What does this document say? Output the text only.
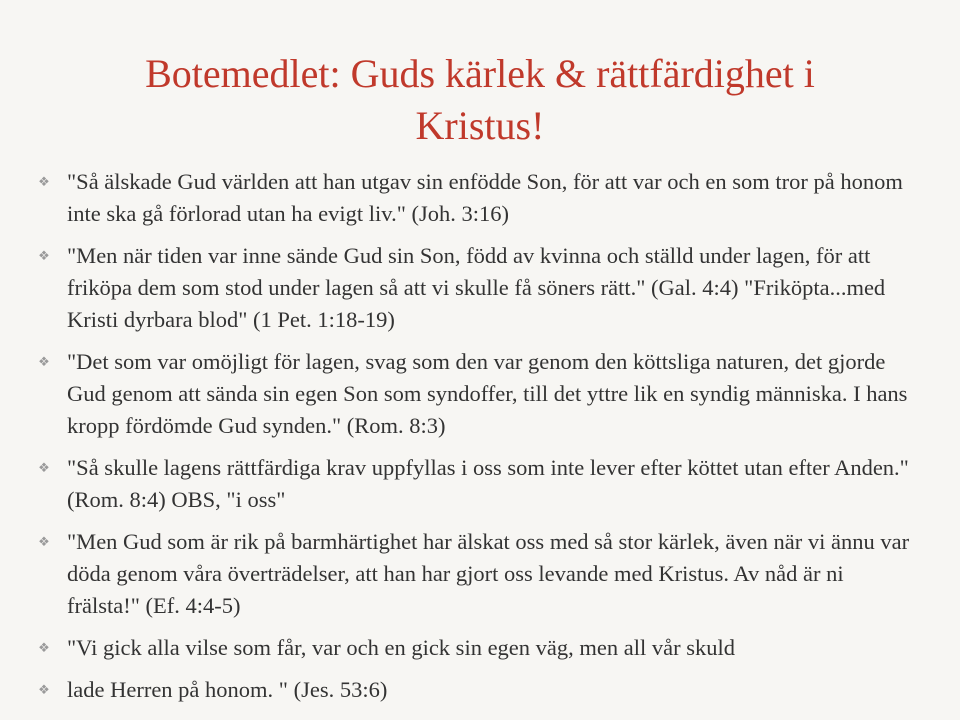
Botemedlet: Guds kärlek & rättfärdighet i Kristus!
❖ "Så älskade Gud världen att han utgav sin enfödde Son, för att var och en som tror på honom inte ska gå förlorad utan ha evigt liv." (Joh. 3:16)
❖ "Men när tiden var inne sände Gud sin Son, född av kvinna och ställd under lagen, för att friköpa dem som stod under lagen så att vi skulle få söners rätt." (Gal. 4:4) "Friköpta...med Kristi dyrbara blod" (1 Pet. 1:18-19)
❖ "Det som var omöjligt för lagen, svag som den var genom den köttsliga naturen, det gjorde Gud genom att sända sin egen Son som syndoffer, till det yttre lik en syndig människa. I hans kropp fördömde Gud synden." (Rom. 8:3)
❖ "Så skulle lagens rättfärdiga krav uppfyllas i oss som inte lever efter köttet utan efter Anden." (Rom. 8:4) OBS, "i oss"
❖ "Men Gud som är rik på barmhärtighet har älskat oss med så stor kärlek, även när vi ännu var döda genom våra överträdelser, att han har gjort oss levande med Kristus. Av nåd är ni frälsta!" (Ef. 4:4-5)
❖ "Vi gick alla vilse som får, var och en gick sin egen väg, men all vår skuld
❖ lade Herren på honom. " (Jes. 53:6)
